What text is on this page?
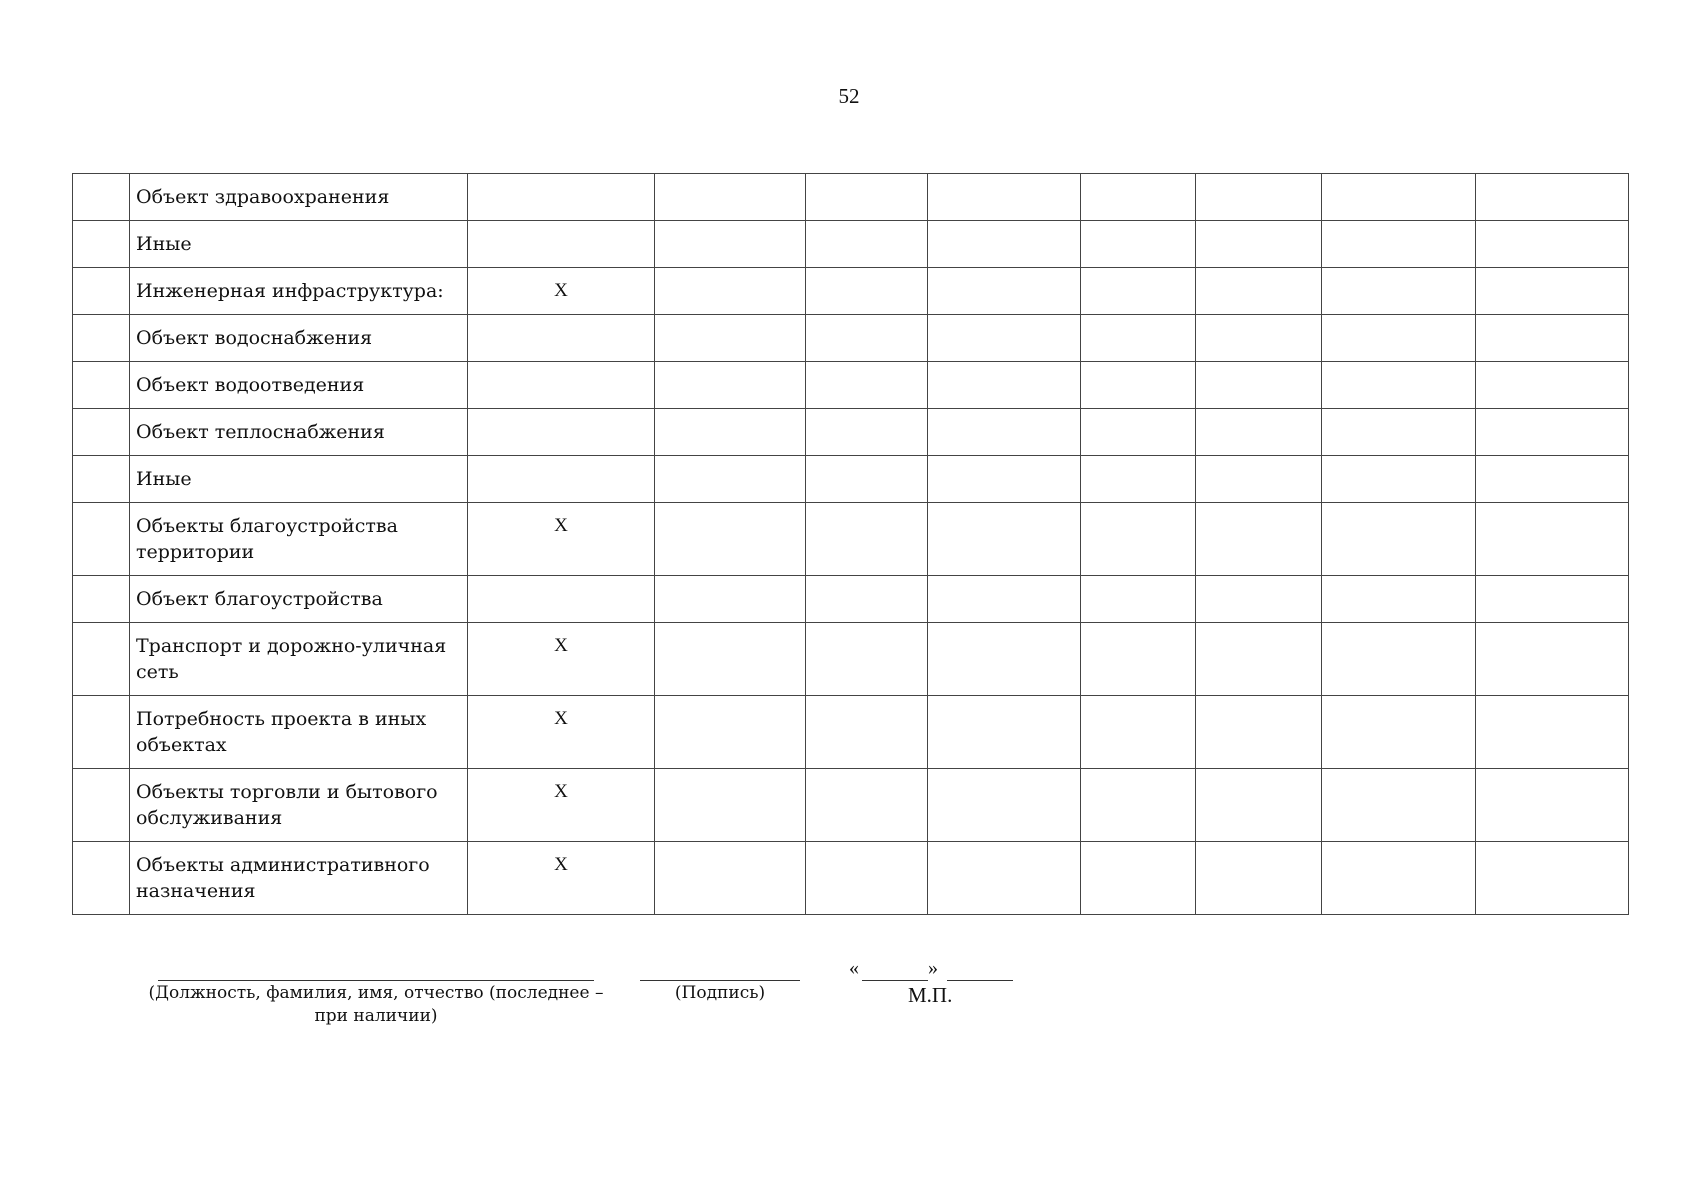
52
	Объект здравоохранения								
	Иные								
	Инженерная инфраструктура:	Х							
	Объект водоснабжения								
	Объект водоотведения								
	Объект теплоснабжения								
	Иные								
	Объекты благоустройства территории	Х							
	Объект благоустройства								
	Транспорт и дорожно-уличная сеть	Х							
	Потребность проекта в иных объектах	Х							
	Объекты торговли и бытового обслуживания	Х							
	Объекты административного назначения	Х							
(Должность, фамилия, имя, отчество (последнее –
при наличии)
(Подпись)
«	»
М.П.
